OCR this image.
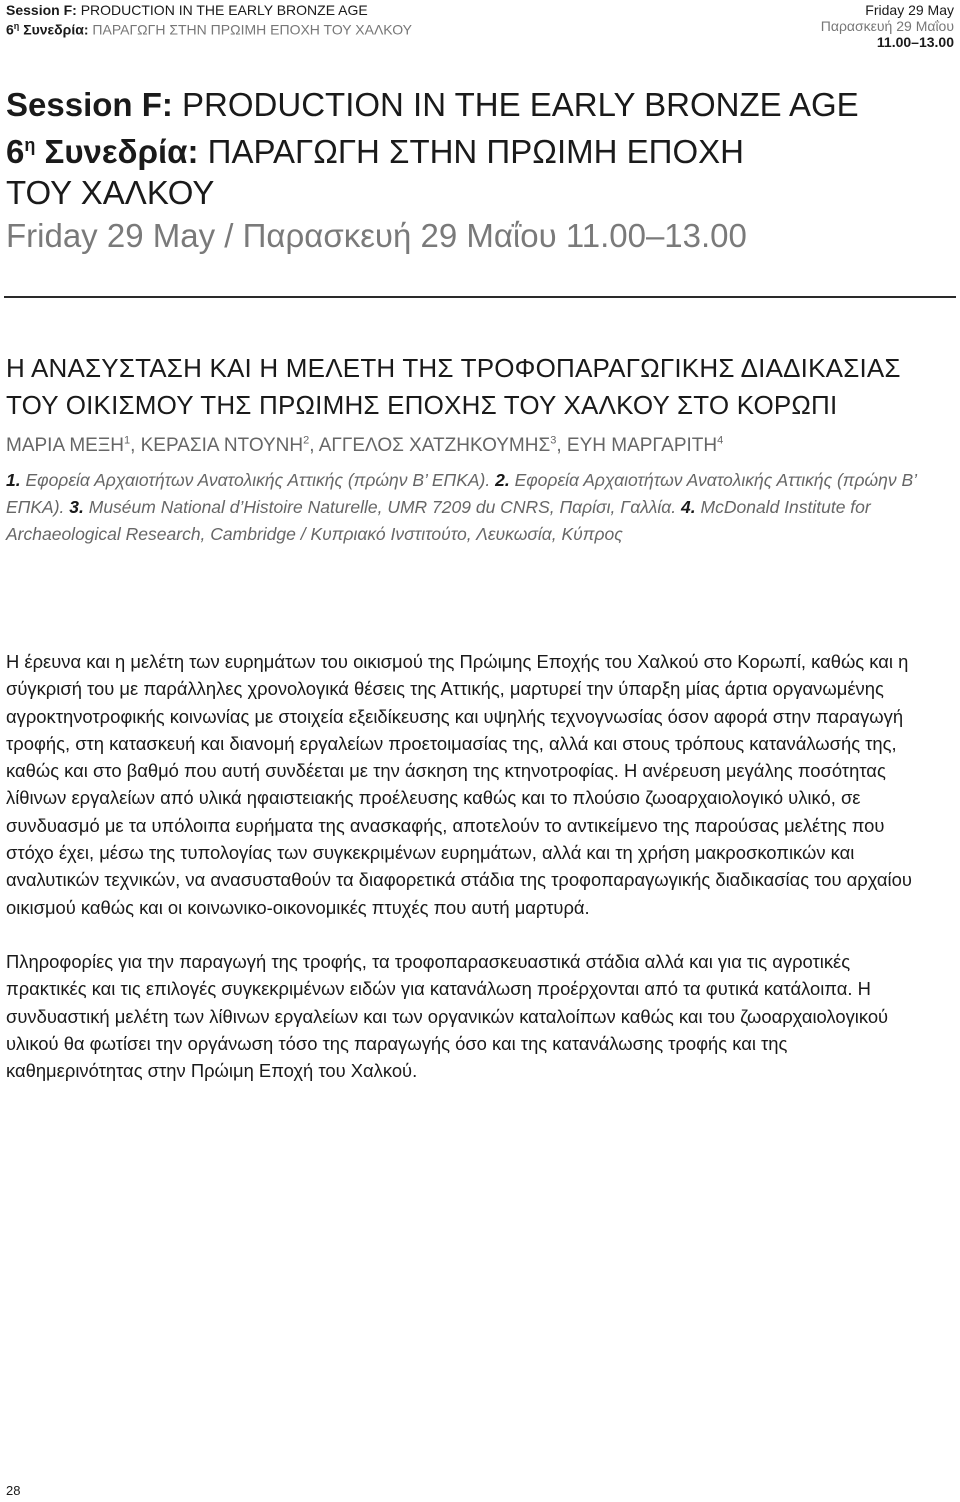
Session F: PRODUCTION IN THE EARLY BRONZE AGE
$6^\eta$ Συνεδρία: ΠΑΡΑΓΩΓΗ ΣΤΗΝ ΠΡΩΙΜΗ ΕΠΟΧΗ ΤΟΥ ΧΑΛΚΟΥ
Friday 29 May
Παρασκευή 29 Μαΐου
11.00–13.00
Session F: PRODUCTION IN THE EARLY BRONZE AGE
$6^\eta$ Συνεδρία: ΠΑΡΑΓΩΓΗ ΣΤΗΝ ΠΡΩΙΜΗ ΕΠΟΧΗ
ΤΟΥ ΧΑΛΚΟΥ
Friday 29 May / Παρασκευή 29 Μαΐου 11.00–13.00
Η ΑΝΑΣΥΣΤΑΣΗ ΚΑΙ Η ΜΕΛΕΤΗ ΤΗΣ ΤΡΟΦΟΠΑΡΑΓΩΓΙΚΗΣ ΔΙΑΔΙΚΑΣΙΑΣ ΤΟΥ ΟΙΚΙΣΜΟΥ ΤΗΣ ΠΡΩΙΜΗΣ ΕΠΟΧΗΣ ΤΟΥ ΧΑΛΚΟΥ ΣΤΟ ΚΟΡΩΠΙ
ΜΑΡΙΑ ΜΕΞΗ$^1$, ΚΕΡΑΣΙΑ ΝΤΟΥΝΗ$^2$, ΑΓΓΕΛΟΣ ΧΑΤΖΗΚΟΥΜΗΣ$^3$, ΕΥΗ ΜΑΡΓΑΡΙΤΗ$^4$
1. Εφορεία Αρχαιοτήτων Ανατολικής Αττικής (πρώην Β’ ΕΠΚΑ). 2. Εφορεία Αρχαιοτήτων Ανατολικής Αττικής (πρώην Β’ ΕΠΚΑ). 3. Muséum National d’Histoire Naturelle, UMR 7209 du CNRS, Παρίσι, Γαλλία. 4. McDonald Institute for Archaeological Research, Cambridge / Κυπριακό Ινστιτούτο, Λευκωσία, Κύπρος

Η έρευνα και η μελέτη των ευρημάτων του οικισμού της Πρώιμης Εποχής του Χαλκού στο Κορωπί, καθώς και η σύγκρισή του με παράλληλες χρονολογικά θέσεις της Αττικής, μαρτυρεί την ύπαρξη μίας άρτια οργανωμένης αγροκτηνοτροφικής κοινωνίας με στοιχεία εξειδίκευσης και υψηλής τεχνογνωσίας όσον αφορά στην παραγωγή τροφής, στη κατασκευή και διανομή εργαλείων προετοιμασίας της, αλλά και στους τρόπους κατανάλωσής της, καθώς και στο βαθμό που αυτή συνδέεται με την άσκηση της κτηνοτροφίας. Η ανέρευση μεγάλης ποσότητας λίθινων εργαλείων από υλικά ηφαιστειακής προέλευσης καθώς και το πλούσιο ζωοαρχαιολογικό υλικό, σε συνδυασμό με τα υπόλοιπα ευρήματα της ανασκαφής, αποτελούν το αντικείμενο της παρούσας μελέτης που στόχο έχει, μέσω της τυπολογίας των συγκεκριμένων ευρημάτων, αλλά και τη χρήση μακροσκοπικών και αναλυτικών τεχνικών, να ανασυσταθούν τα διαφορετικά στάδια της τροφοπαραγωγικής διαδικασίας του αρχαίου οικισμού καθώς και οι κοινωνικο-οικονομικές πτυχές που αυτή μαρτυρά.

Πληροφορίες για την παραγωγή της τροφής, τα τροφοπαρασκευαστικά στάδια αλλά και για τις αγροτικές πρακτικές και τις επιλογές συγκεκριμένων ειδών για κατανάλωση προέρχονται από τα φυτικά κατάλοιπα. Η συνδυαστική μελέτη των λίθινων εργαλείων και των οργανικών καταλοίπων καθώς και του ζωοαρχαιολογικού υλικού θα φωτίσει την οργάνωση τόσο της παραγωγής όσο και της κατανάλωσης τροφής και της καθημερινότητας στην Πρώιμη Εποχή του Χαλκού.

28
